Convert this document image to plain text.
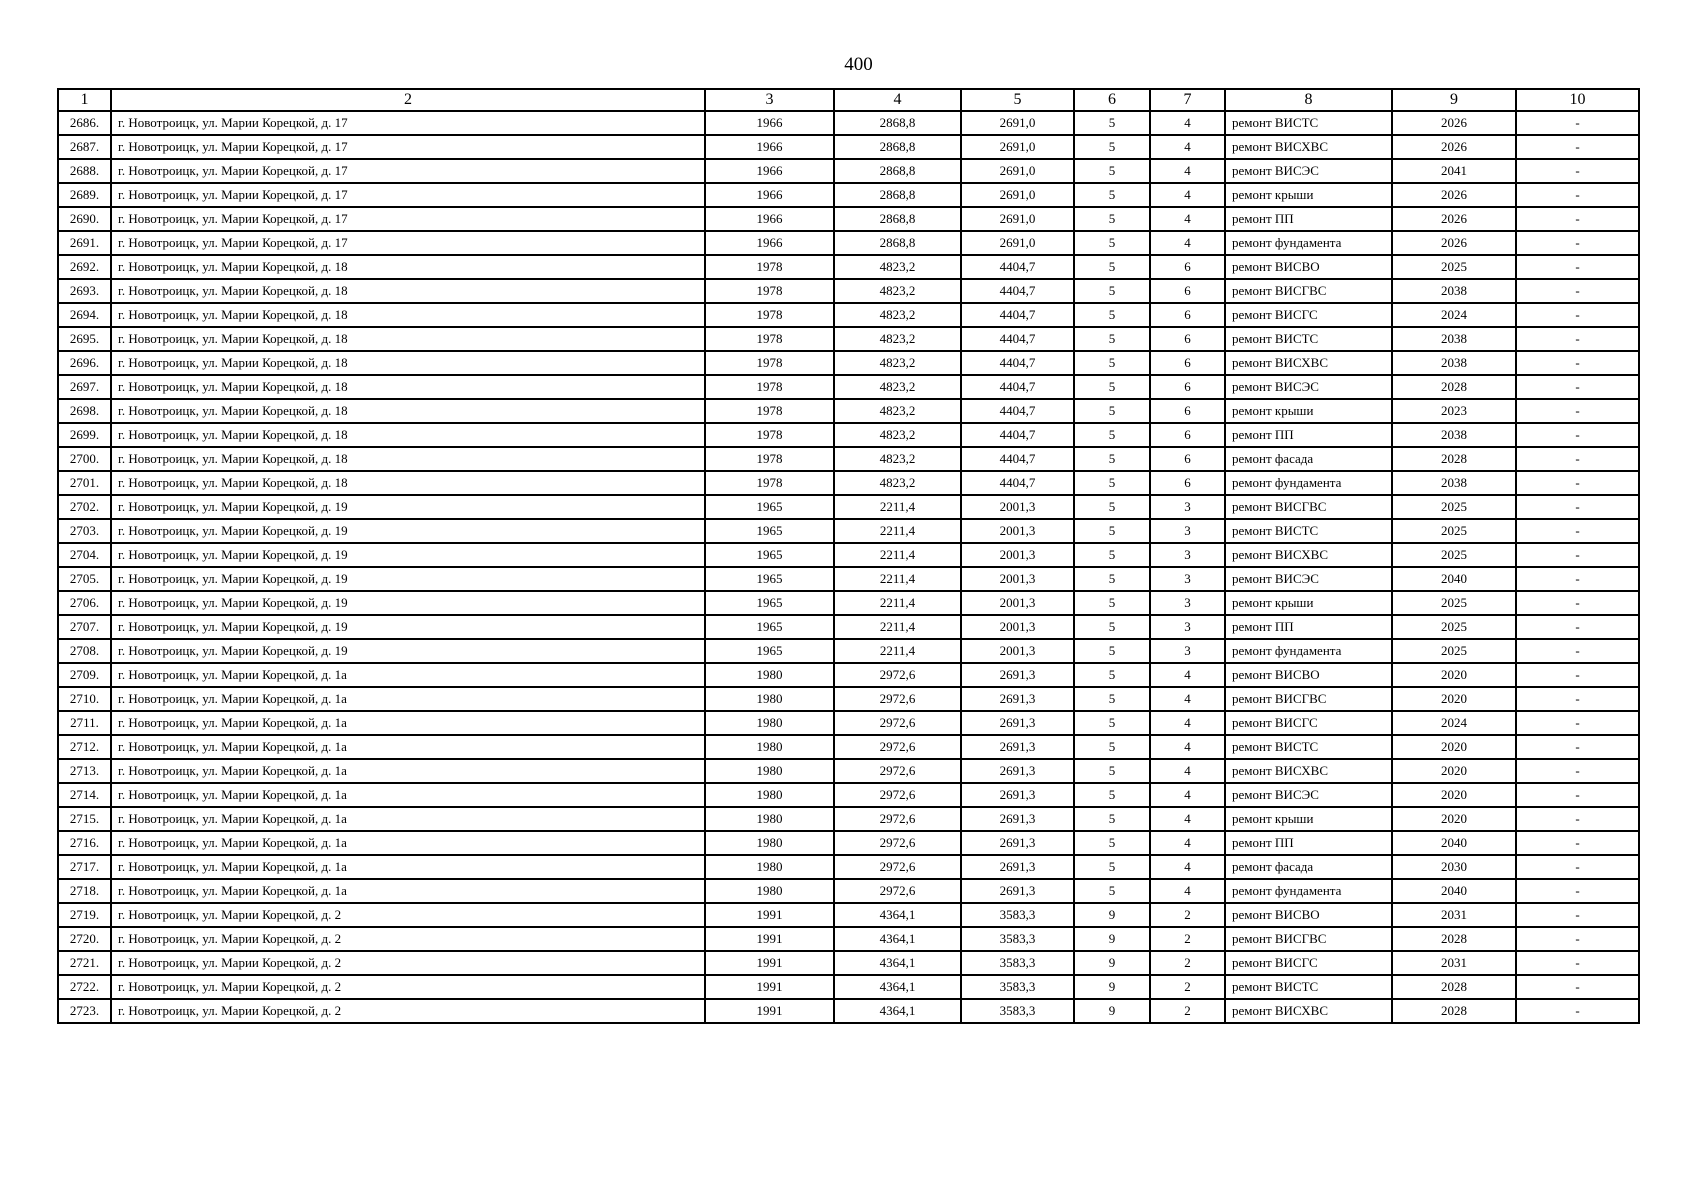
400
1	2	3	4	5	6	7	8	9	10
2686.	г. Новотроицк, ул. Марии Корецкой, д. 17	1966	2868,8	2691,0	5	4	ремонт ВИСТС	2026	-
2687.	г. Новотроицк, ул. Марии Корецкой, д. 17	1966	2868,8	2691,0	5	4	ремонт ВИСХВС	2026	-
2688.	г. Новотроицк, ул. Марии Корецкой, д. 17	1966	2868,8	2691,0	5	4	ремонт ВИСЭС	2041	-
2689.	г. Новотроицк, ул. Марии Корецкой, д. 17	1966	2868,8	2691,0	5	4	ремонт крыши	2026	-
2690.	г. Новотроицк, ул. Марии Корецкой, д. 17	1966	2868,8	2691,0	5	4	ремонт ПП	2026	-
2691.	г. Новотроицк, ул. Марии Корецкой, д. 17	1966	2868,8	2691,0	5	4	ремонт фундамента	2026	-
2692.	г. Новотроицк, ул. Марии Корецкой, д. 18	1978	4823,2	4404,7	5	6	ремонт ВИСВО	2025	-
2693.	г. Новотроицк, ул. Марии Корецкой, д. 18	1978	4823,2	4404,7	5	6	ремонт ВИСГВС	2038	-
2694.	г. Новотроицк, ул. Марии Корецкой, д. 18	1978	4823,2	4404,7	5	6	ремонт ВИСГС	2024	-
2695.	г. Новотроицк, ул. Марии Корецкой, д. 18	1978	4823,2	4404,7	5	6	ремонт ВИСТС	2038	-
2696.	г. Новотроицк, ул. Марии Корецкой, д. 18	1978	4823,2	4404,7	5	6	ремонт ВИСХВС	2038	-
2697.	г. Новотроицк, ул. Марии Корецкой, д. 18	1978	4823,2	4404,7	5	6	ремонт ВИСЭС	2028	-
2698.	г. Новотроицк, ул. Марии Корецкой, д. 18	1978	4823,2	4404,7	5	6	ремонт крыши	2023	-
2699.	г. Новотроицк, ул. Марии Корецкой, д. 18	1978	4823,2	4404,7	5	6	ремонт ПП	2038	-
2700.	г. Новотроицк, ул. Марии Корецкой, д. 18	1978	4823,2	4404,7	5	6	ремонт фасада	2028	-
2701.	г. Новотроицк, ул. Марии Корецкой, д. 18	1978	4823,2	4404,7	5	6	ремонт фундамента	2038	-
2702.	г. Новотроицк, ул. Марии Корецкой, д. 19	1965	2211,4	2001,3	5	3	ремонт ВИСГВС	2025	-
2703.	г. Новотроицк, ул. Марии Корецкой, д. 19	1965	2211,4	2001,3	5	3	ремонт ВИСТС	2025	-
2704.	г. Новотроицк, ул. Марии Корецкой, д. 19	1965	2211,4	2001,3	5	3	ремонт ВИСХВС	2025	-
2705.	г. Новотроицк, ул. Марии Корецкой, д. 19	1965	2211,4	2001,3	5	3	ремонт ВИСЭС	2040	-
2706.	г. Новотроицк, ул. Марии Корецкой, д. 19	1965	2211,4	2001,3	5	3	ремонт крыши	2025	-
2707.	г. Новотроицк, ул. Марии Корецкой, д. 19	1965	2211,4	2001,3	5	3	ремонт ПП	2025	-
2708.	г. Новотроицк, ул. Марии Корецкой, д. 19	1965	2211,4	2001,3	5	3	ремонт фундамента	2025	-
2709.	г. Новотроицк, ул. Марии Корецкой, д. 1а	1980	2972,6	2691,3	5	4	ремонт ВИСВО	2020	-
2710.	г. Новотроицк, ул. Марии Корецкой, д. 1а	1980	2972,6	2691,3	5	4	ремонт ВИСГВС	2020	-
2711.	г. Новотроицк, ул. Марии Корецкой, д. 1а	1980	2972,6	2691,3	5	4	ремонт ВИСГС	2024	-
2712.	г. Новотроицк, ул. Марии Корецкой, д. 1а	1980	2972,6	2691,3	5	4	ремонт ВИСТС	2020	-
2713.	г. Новотроицк, ул. Марии Корецкой, д. 1а	1980	2972,6	2691,3	5	4	ремонт ВИСХВС	2020	-
2714.	г. Новотроицк, ул. Марии Корецкой, д. 1а	1980	2972,6	2691,3	5	4	ремонт ВИСЭС	2020	-
2715.	г. Новотроицк, ул. Марии Корецкой, д. 1а	1980	2972,6	2691,3	5	4	ремонт крыши	2020	-
2716.	г. Новотроицк, ул. Марии Корецкой, д. 1а	1980	2972,6	2691,3	5	4	ремонт ПП	2040	-
2717.	г. Новотроицк, ул. Марии Корецкой, д. 1а	1980	2972,6	2691,3	5	4	ремонт фасада	2030	-
2718.	г. Новотроицк, ул. Марии Корецкой, д. 1а	1980	2972,6	2691,3	5	4	ремонт фундамента	2040	-
2719.	г. Новотроицк, ул. Марии Корецкой, д. 2	1991	4364,1	3583,3	9	2	ремонт ВИСВО	2031	-
2720.	г. Новотроицк, ул. Марии Корецкой, д. 2	1991	4364,1	3583,3	9	2	ремонт ВИСГВС	2028	-
2721.	г. Новотроицк, ул. Марии Корецкой, д. 2	1991	4364,1	3583,3	9	2	ремонт ВИСГС	2031	-
2722.	г. Новотроицк, ул. Марии Корецкой, д. 2	1991	4364,1	3583,3	9	2	ремонт ВИСТС	2028	-
2723.	г. Новотроицк, ул. Марии Корецкой, д. 2	1991	4364,1	3583,3	9	2	ремонт ВИСХВС	2028	-
